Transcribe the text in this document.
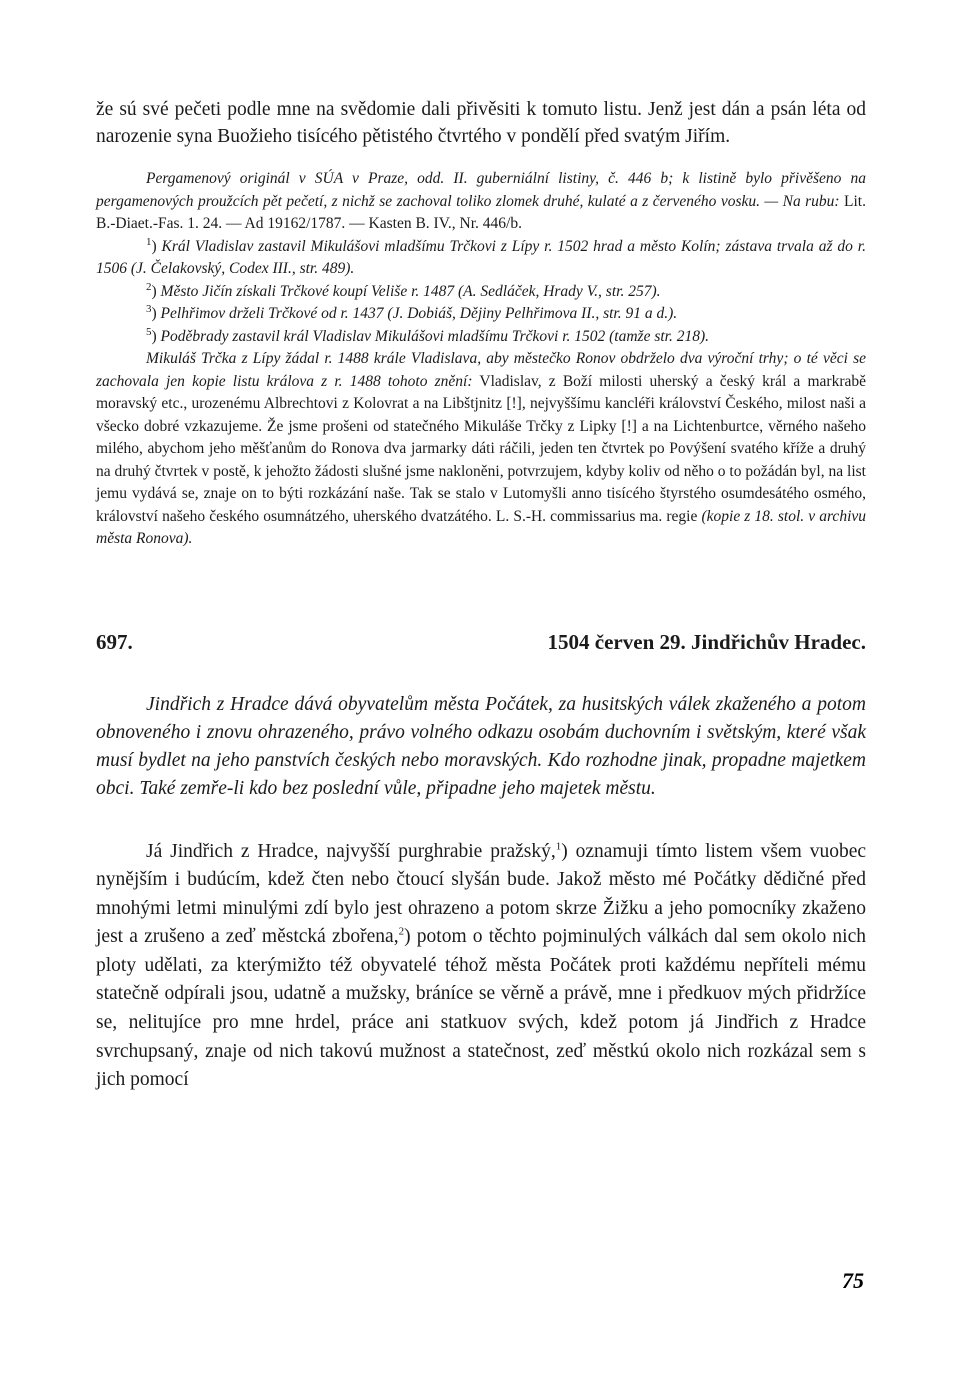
že sú své pečeti podle mne na svědomie dali přivěsiti k tomuto listu. Jenž jest dán a psán léta od narozenie syna Buožieho tisícého pětistého čtvrtého v pondělí před svatým Jiřím.

Pergamenový originál v SÚA v Praze, odd. II. guberniální listiny, č. 446 b; k listině bylo přivěšeno na pergamenových proužcích pět pečetí, z nichž se zachoval toliko zlomek druhé, kulaté a z červeného vosku. — Na rubu: Lit. B.-Diaet.-Fas. 1. 24. — Ad 19162/1787. — Kasten B. IV., Nr. 446/b.

$^1$) Král Vladislav zastavil Mikulášovi mladšímu Trčkovi z Lípy r. 1502 hrad a město Kolín; zástava trvala až do r. 1506 (J. Čelakovský, Codex III., str. 489).

$^2$) Město Jičín získali Trčkové koupí Veliše r. 1487 (A. Sedláček, Hrady V., str. 257).

$^3$) Pelhřimov drželi Trčkové od r. 1437 (J. Dobiáš, Dějiny Pelhřimova II., str. 91 a d.).

$^5$) Poděbrady zastavil král Vladislav Mikulášovi mladšímu Trčkovi r. 1502 (tamže str. 218).

Mikuláš Trčka z Lípy žádal r. 1488 krále Vladislava, aby městečko Ronov obdrželo dva výroční trhy; o té věci se zachovala jen kopie listu králova z r. 1488 tohoto znění: Vladislav, z Boží milosti uherský a český král a markrabě moravský etc., urozenému Albrechtovi z Kolovrat a na Libštjnitz [!], nejvyššímu kancléři království Českého, milost naši a všecko dobré vzkazujeme. Že jsme prošeni od statečného Mikuláše Trčky z Lipky [!] a na Lichtenburtce, věrného našeho milého, abychom jeho měšťanům do Ronova dva jarmarky dáti ráčili, jeden ten čtvrtek po Povýšení svatého kříže a druhý na druhý čtvrtek v postě, k jehožto žádosti slušné jsme nakloněni, potvrzujem, kdyby koliv od něho o to požádán byl, na list jemu vydává se, znaje on to býti rozkázání naše. Tak se stalo v Lutomyšli anno tisícého štyrstého osumdesátého osmého, království našeho českého osumnátzého, uherského dvatzátého. L. S.-H. commissarius ma. regie (kopie z 18. stol. v archivu města Ronova).

697.	1504 červen 29. Jindřichův Hradec.

Jindřich z Hradce dává obyvatelům města Počátek, za husitských válek zkaženého a potom obnoveného i znovu ohrazeného, právo volného odkazu osobám duchovním i světským, které však musí bydlet na jeho panstvích českých nebo moravských. Kdo rozhodne jinak, propadne majetkem obci. Také zemře-li kdo bez poslední vůle, připadne jeho majetek městu.

Já Jindřich z Hradce, najvyšší purghrabie pražský,$^1$) oznamuji tímto listem všem vuobec nynějším i budúcím, kdež čten nebo čtoucí slyšán bude. Jakož město mé Počátky dědičné před mnohými letmi minulými zdí bylo jest ohrazeno a potom skrze Žižku a jeho pomocníky zkaženo jest a zrušeno a zeď městcká zbořena,$^2$) potom o těchto pojminulých válkách dal sem okolo nich ploty udělati, za kterýmižto též obyvatelé téhož města Počátek proti každému nepříteli mému statečně odpírali jsou, udatně a mužsky, bráníce se věrně a právě, mne i předkuov mých přidržíce se, nelitujíce pro mne hrdel, práce ani statkuov svých, kdež potom já Jindřich z Hradce svrchupsaný, znaje od nich takovú mužnost a statečnost, zeď městkú okolo nich rozkázal sem s jich pomocí

75
